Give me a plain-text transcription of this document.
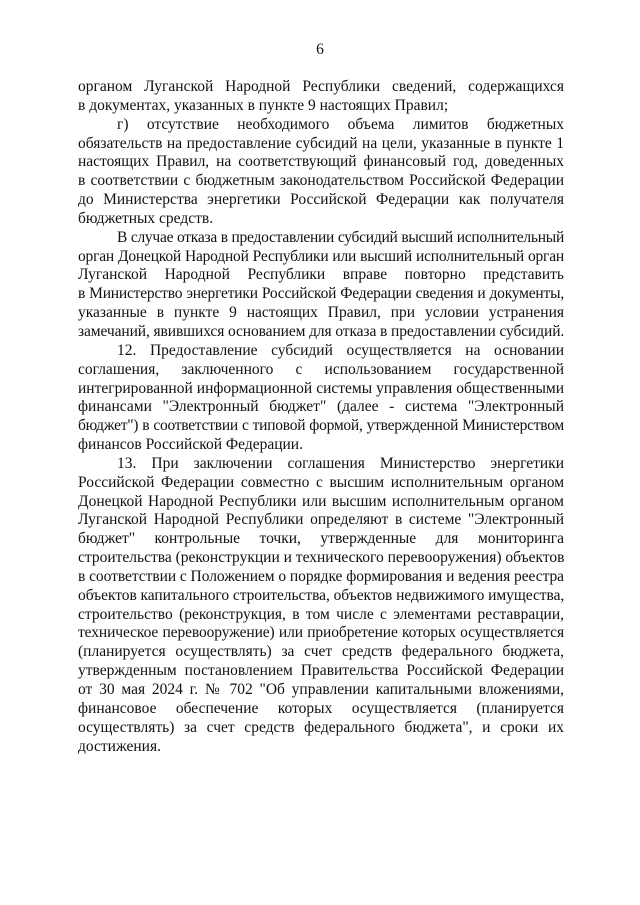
6
органом Луганской Народной Республики сведений, содержащихся
в документах, указанных в пункте 9 настоящих Правил;
г) отсутствие необходимого объема лимитов бюджетных
обязательств на предоставление субсидий на цели, указанные в пункте 1
настоящих Правил, на соответствующий финансовый год, доведенных
в соответствии с бюджетным законодательством Российской Федерации
до Министерства энергетики Российской Федерации как получателя
бюджетных средств.
В случае отказа в предоставлении субсидий высший исполнительный
орган Донецкой Народной Республики или высший исполнительный орган
Луганской Народной Республики вправе повторно представить
в Министерство энергетики Российской Федерации сведения и документы,
указанные в пункте 9 настоящих Правил, при условии устранения
замечаний, явившихся основанием для отказа в предоставлении субсидий.
12. Предоставление субсидий осуществляется на основании
соглашения, заключенного с использованием государственной
интегрированной информационной системы управления общественными
финансами "Электронный бюджет" (далее - система "Электронный
бюджет") в соответствии с типовой формой, утвержденной Министерством
финансов Российской Федерации.
13. При заключении соглашения Министерство энергетики
Российской Федерации совместно с высшим исполнительным органом
Донецкой Народной Республики или высшим исполнительным органом
Луганской Народной Республики определяют в системе "Электронный
бюджет" контрольные точки, утвержденные для мониторинга
строительства (реконструкции и технического перевооружения) объектов
в соответствии с Положением о порядке формирования и ведения реестра
объектов капитального строительства, объектов недвижимого имущества,
строительство (реконструкция, в том числе с элементами реставрации,
техническое перевооружение) или приобретение которых осуществляется
(планируется осуществлять) за счет средств федерального бюджета,
утвержденным постановлением Правительства Российской Федерации
от 30 мая 2024 г. № 702 "Об управлении капитальными вложениями,
финансовое обеспечение которых осуществляется (планируется
осуществлять) за счет средств федерального бюджета", и сроки их
достижения.
